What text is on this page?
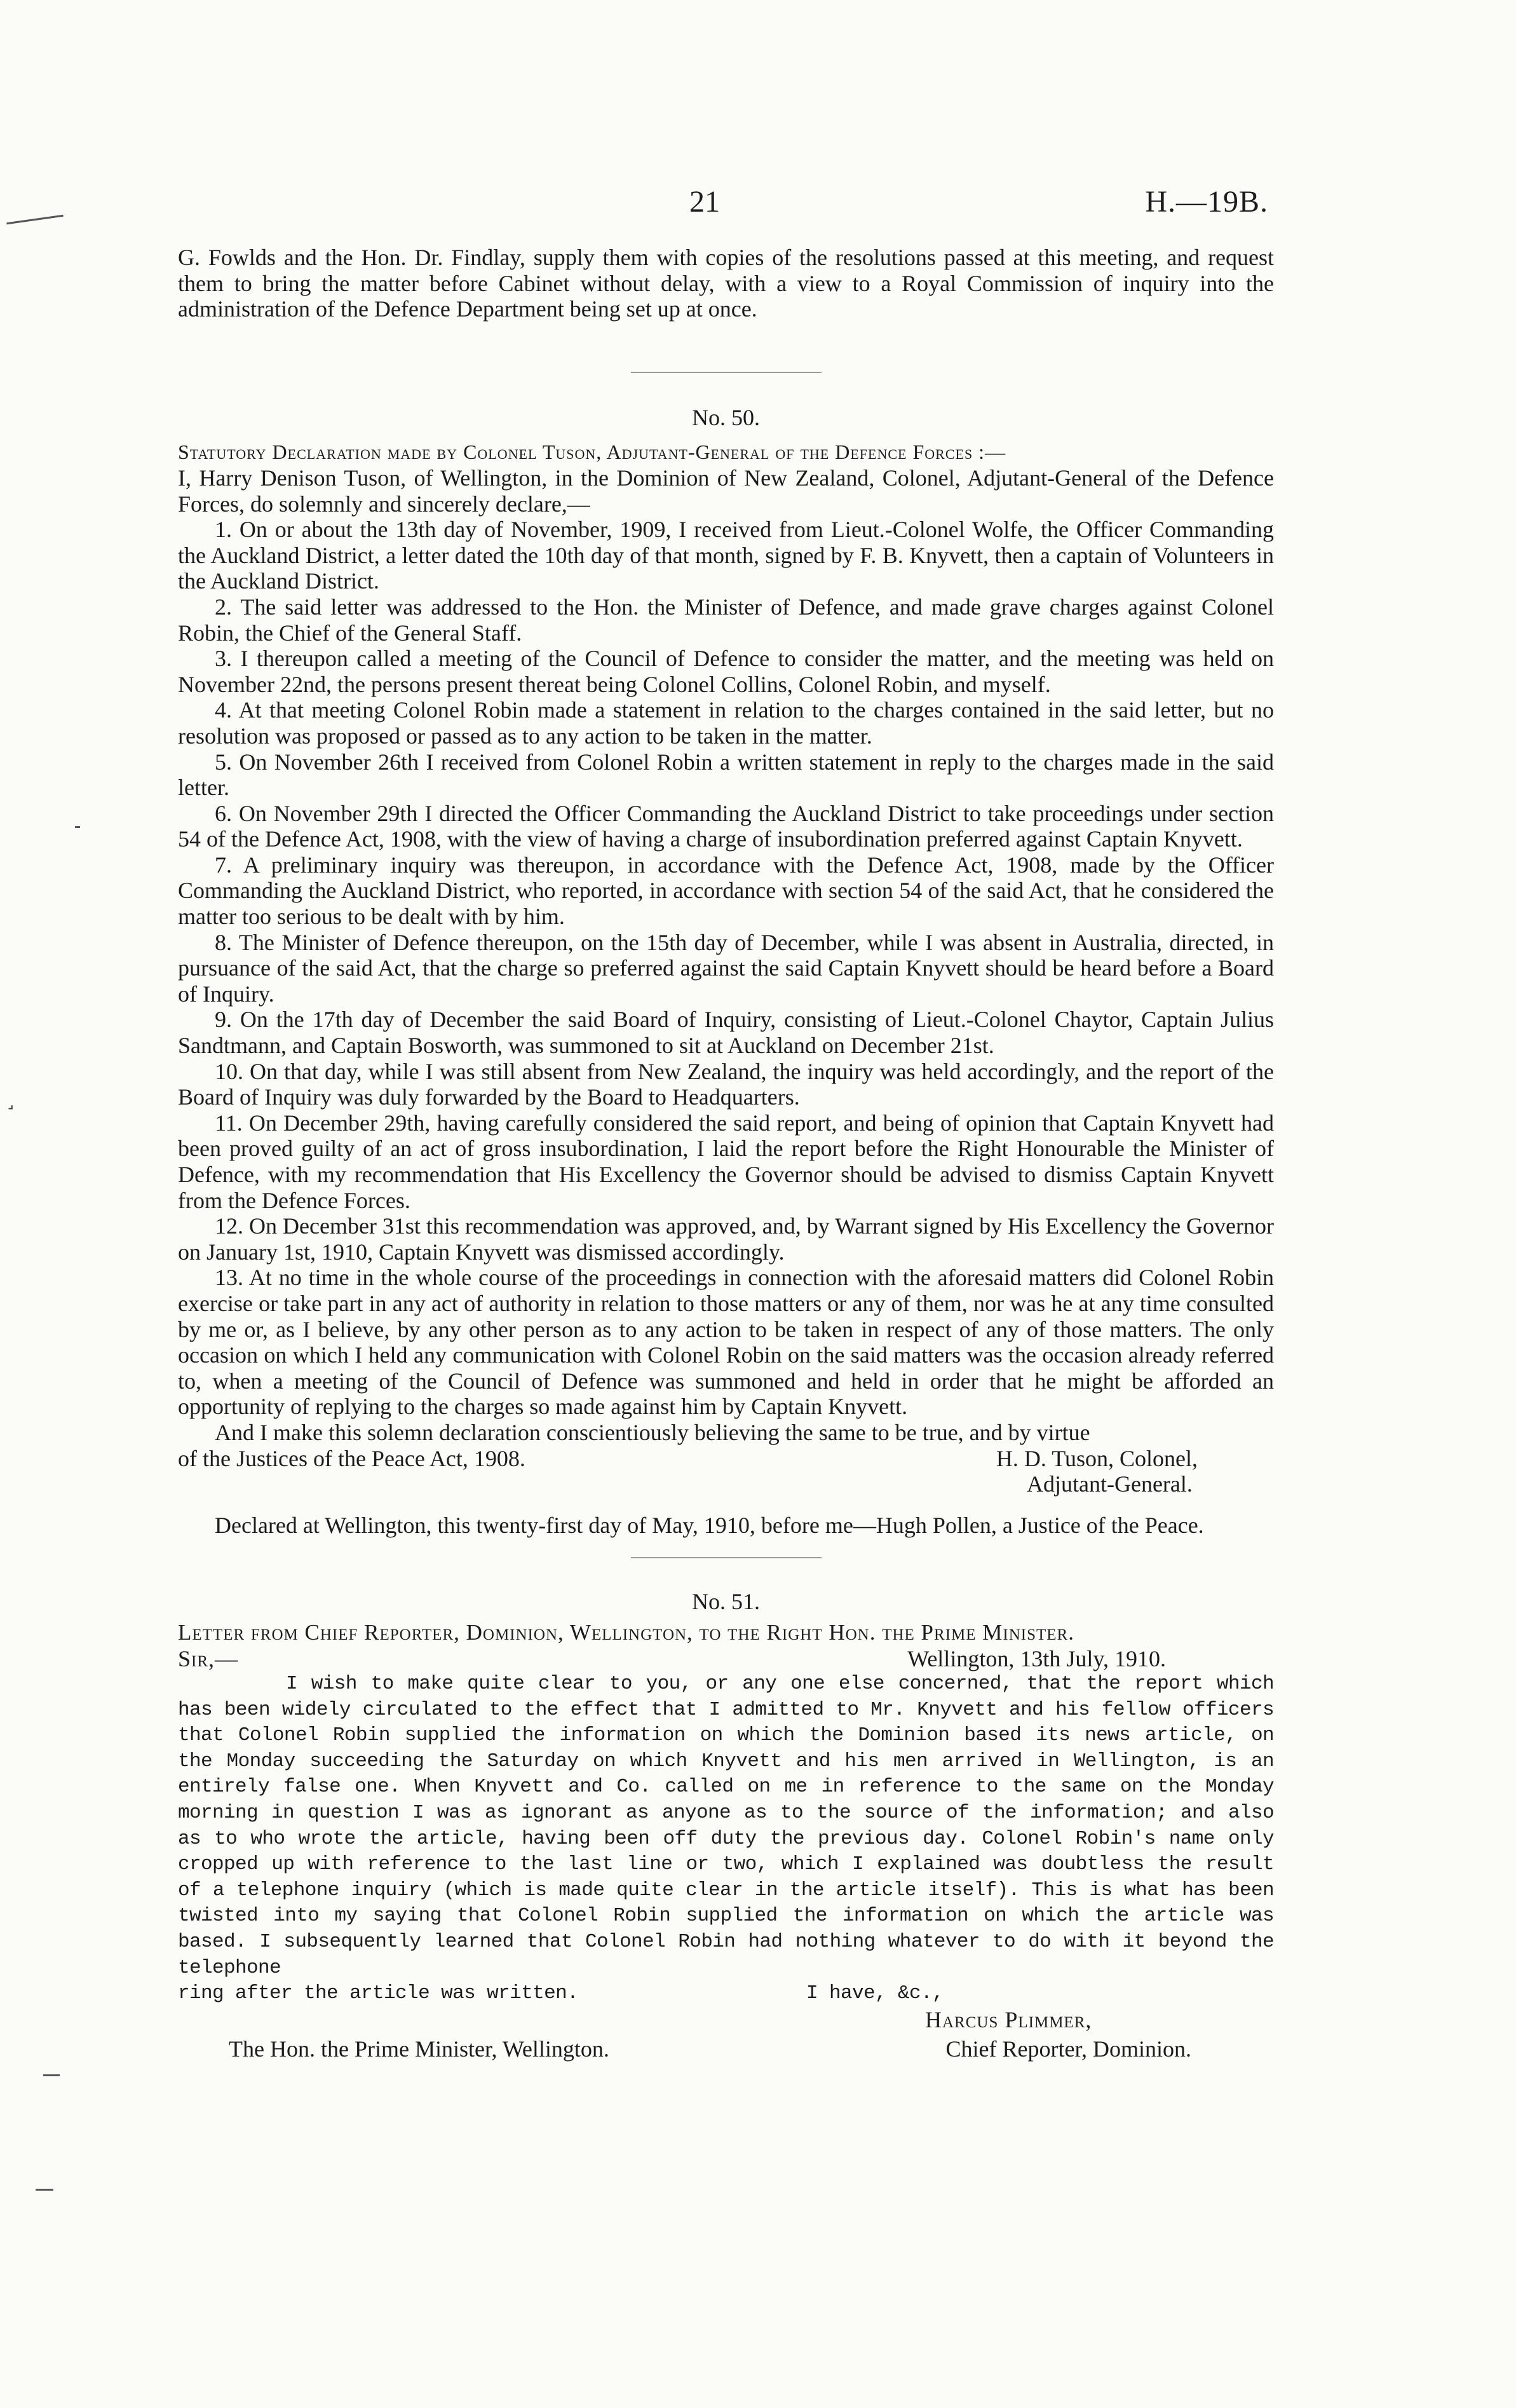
˼
21	H.—19B.

G. Fowlds and the Hon. Dr. Findlay, supply them with copies of the resolutions passed at this meeting, and request them to bring the matter before Cabinet without delay, with a view to a Royal Commission of inquiry into the administration of the Defence Department being set up at once.

No. 50.

Statutory Declaration made by Colonel Tuson, Adjutant-General of the Defence Forces :—

I, Harry Denison Tuson, of Wellington, in the Dominion of New Zealand, Colonel, Adjutant-General of the Defence Forces, do solemnly and sincerely declare,—

1. On or about the 13th day of November, 1909, I received from Lieut.-Colonel Wolfe, the Officer Commanding the Auckland District, a letter dated the 10th day of that month, signed by F. B. Knyvett, then a captain of Volunteers in the Auckland District.

2. The said letter was addressed to the Hon. the Minister of Defence, and made grave charges against Colonel Robin, the Chief of the General Staff.

3. I thereupon called a meeting of the Council of Defence to consider the matter, and the meeting was held on November 22nd, the persons present thereat being Colonel Collins, Colonel Robin, and myself.

4. At that meeting Colonel Robin made a statement in relation to the charges contained in the said letter, but no resolution was proposed or passed as to any action to be taken in the matter.

5. On November 26th I received from Colonel Robin a written statement in reply to the charges made in the said letter.

6. On November 29th I directed the Officer Commanding the Auckland District to take proceedings under section 54 of the Defence Act, 1908, with the view of having a charge of insubordination preferred against Captain Knyvett.

7. A preliminary inquiry was thereupon, in accordance with the Defence Act, 1908, made by the Officer Commanding the Auckland District, who reported, in accordance with section 54 of the said Act, that he considered the matter too serious to be dealt with by him.

8. The Minister of Defence thereupon, on the 15th day of December, while I was absent in Australia, directed, in pursuance of the said Act, that the charge so preferred against the said Captain Knyvett should be heard before a Board of Inquiry.

9. On the 17th day of December the said Board of Inquiry, consisting of Lieut.-Colonel Chaytor, Captain Julius Sandtmann, and Captain Bosworth, was summoned to sit at Auckland on December 21st.

10. On that day, while I was still absent from New Zealand, the inquiry was held accordingly, and the report of the Board of Inquiry was duly forwarded by the Board to Headquarters.

11. On December 29th, having carefully considered the said report, and being of opinion that Captain Knyvett had been proved guilty of an act of gross insubordination, I laid the report before the Right Honourable the Minister of Defence, with my recommendation that His Excellency the Governor should be advised to dismiss Captain Knyvett from the Defence Forces.

12. On December 31st this recommendation was approved, and, by Warrant signed by His Excellency the Governor on January 1st, 1910, Captain Knyvett was dismissed accordingly.

13. At no time in the whole course of the proceedings in connection with the aforesaid matters did Colonel Robin exercise or take part in any act of authority in relation to those matters or any of them, nor was he at any time consulted by me or, as I believe, by any other person as to any action to be taken in respect of any of those matters. The only occasion on which I held any communication with Colonel Robin on the said matters was the occasion already referred to, when a meeting of the Council of Defence was summoned and held in order that he might be afforded an opportunity of replying to the charges so made against him by Captain Knyvett.

And I make this solemn declaration conscientiously believing the same to be true, and by virtue

of the Justices of the Peace Act, 1908.	H. D. Tuson, Colonel,

Adjutant-General.

Declared at Wellington, this twenty-first day of May, 1910, before me—Hugh Pollen, a Justice of the Peace.

No. 51.

Letter from Chief Reporter, Dominion, Wellington, to the Right Hon. the Prime Minister.

Sir,—	Wellington, 13th July, 1910.

I wish to make quite clear to you, or any one else concerned, that the report which has been widely circulated to the effect that I admitted to Mr. Knyvett and his fellow officers that Colonel Robin supplied the information on which the Dominion based its news article, on the Monday succeeding the Saturday on which Knyvett and his men arrived in Wellington, is an entirely false one. When Knyvett and Co. called on me in reference to the same on the Monday morning in question I was as ignorant as anyone as to the source of the information; and also as to who wrote the article, having been off duty the previous day. Colonel Robin's name only cropped up with reference to the last line or two, which I explained was doubtless the result of a telephone inquiry (which is made quite clear in the article itself). This is what has been twisted into my saying that Colonel Robin supplied the information on which the article was based. I subsequently learned that Colonel Robin had nothing whatever to do with it beyond the telephone

ring after the article was written.	I have, &c.,

Harcus Plimmer,

The Hon. the Prime Minister, Wellington.	Chief Reporter, Dominion.
